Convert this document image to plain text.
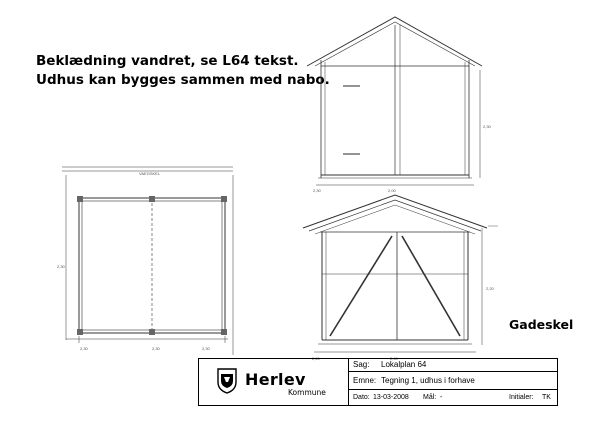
Beklædning vandret, se L64 tekst.
Udhus kan bygges sammen med nabo.
VAEGSKEL
2,30
2,30	2,30	2,30
2,30	2,00
2,30
2,20	2,40
2,20
Gadeskel
Herlev
Kommune
Sag: Lokalplan 64
Emne: Tegning 1, udhus i forhave
Dato: 13-03-2008 Mål: -	Initialer: TK
